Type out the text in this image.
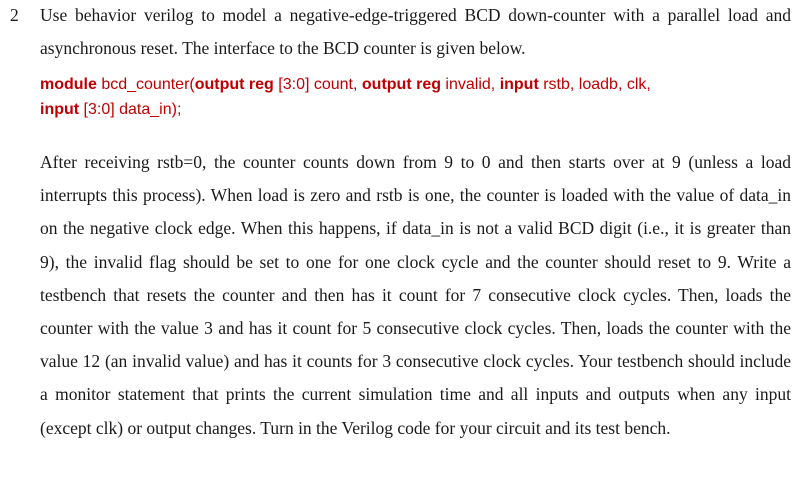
2 Use behavior verilog to model a negative-edge-triggered BCD down-counter with a parallel load and asynchronous reset. The interface to the BCD counter is given below.

module bcd_counter(output reg [3:0] count, output reg invalid, input rstb, loadb, clk,
input [3:0] data_in);

After receiving rstb=0, the counter counts down from 9 to 0 and then starts over at 9 (unless a load interrupts this process). When load is zero and rstb is one, the counter is loaded with the value of data_in on the negative clock edge. When this happens, if data_in is not a valid BCD digit (i.e., it is greater than 9), the invalid flag should be set to one for one clock cycle and the counter should reset to 9. Write a testbench that resets the counter and then has it count for 7 consecutive clock cycles. Then, loads the counter with the value 3 and has it count for 5 consecutive clock cycles. Then, loads the counter with the value 12 (an invalid value) and has it counts for 3 consecutive clock cycles. Your testbench should include a monitor statement that prints the current simulation time and all inputs and outputs when any input (except clk) or output changes. Turn in the Verilog code for your circuit and its test bench.
